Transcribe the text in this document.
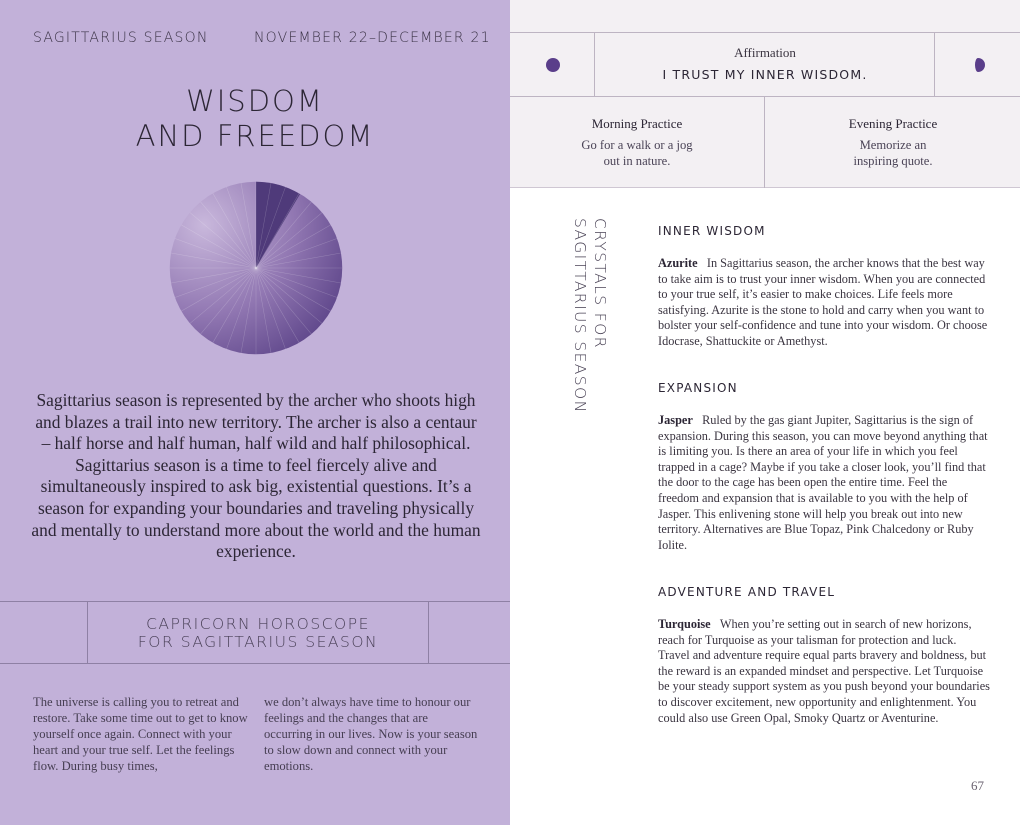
SAGITTARIUS SEASON	NOVEMBER 22–DECEMBER 21
WISDOM
AND FREEDOM
Sagittarius season is represented by the archer who shoots high and blazes a trail into new territory. The archer is also a centaur – half horse and half human, half wild and half philosophical. Sagittarius season is a time to feel fiercely alive and simultaneously inspired to ask big, existential questions. It’s a season for expanding your boundaries and traveling physically and mentally to understand more about the world and the human experience.
CAPRICORN HOROSCOPE
FOR SAGITTARIUS SEASON
The universe is calling you to retreat and restore. Take some time out to get to know yourself once again. Connect with your heart and your true self. Let the feelings flow. During busy times,
we don’t always have time to honour our feelings and the changes that are occurring in our lives. Now is your season to slow down and connect with your emotions.
Affirmation
I TRUST MY INNER WISDOM.
Morning Practice
Go for a walk or a jog out in nature.
Evening Practice
Memorize an inspiring quote.
CRYSTALS FOR
SAGITTARIUS SEASON	INNER WISDOM
Azurite In Sagittarius season, the archer knows that the best way to take aim is to trust your inner wisdom. When you are connected to your true self, it’s easier to make choices. Life feels more satisfying. Azurite is the stone to hold and carry when you want to bolster your self-confidence and tune into your wisdom. Or choose Idocrase, Shattuckite or Amethyst.
EXPANSION
Jasper Ruled by the gas giant Jupiter, Sagittarius is the sign of expansion. During this season, you can move beyond anything that is limiting you. Is there an area of your life in which you feel trapped in a cage? Maybe if you take a closer look, you’ll find that the door to the cage has been open the entire time. Feel the freedom and expansion that is available to you with the help of Jasper. This enlivening stone will help you break out into new territory. Alternatives are Blue Topaz, Pink Chalcedony or Ruby Iolite.
ADVENTURE AND TRAVEL
Turquoise When you’re setting out in search of new horizons, reach for Turquoise as your talisman for protection and luck. Travel and adventure require equal parts bravery and boldness, but the reward is an expanded mindset and perspective. Let Turquoise be your steady support system as you push beyond your boundaries to discover excitement, new opportunity and enlightenment. You could also use Green Opal, Smoky Quartz or Aventurine.
67
